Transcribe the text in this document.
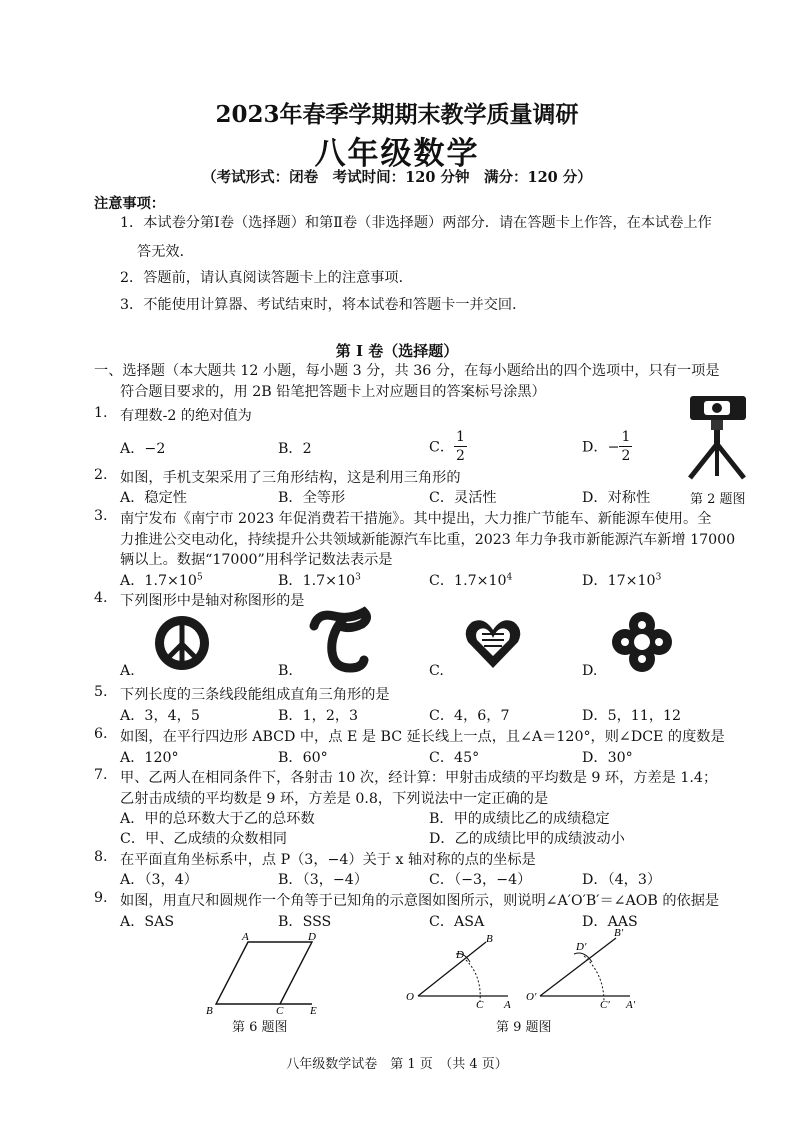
2023年春季学期期末教学质量调研
八年级数学
（考试形式：闭卷　考试时间：120 分钟　满分：120 分）
注意事项：
1．本试卷分第Ⅰ卷（选择题）和第Ⅱ卷（非选择题）两部分．请在答题卡上作答，在本试卷上作
答无效．
2．答题前，请认真阅读答题卡上的注意事项．
3．不能使用计算器、考试结束时，将本试卷和答题卡一并交回．
第 Ⅰ 卷（选择题）
一、选择题（本大题共 12 小题，每小题 3 分，共 36 分，在每小题给出的四个选项中，只有一项是
符合题目要求的，用 2B 铅笔把答题卡上对应题目的答案标号涂黑）
1. 有理数-2 的绝对值为
A．−2	B．2	C． $\frac{1}{2}$	D．− $\frac{1}{2}$
2. 如图，手机支架采用了三角形结构，这是利用三角形的
A．稳定性	B．全等形	C．灵活性	D．对称性	第 2 题图
3. 南宁发布《南宁市 2023 年促消费若干措施》。其中提出，大力推广节能车、新能源车使用。全
力推进公交电动化，持续提升公共领域新能源汽车比重，2023 年力争我市新能源汽车新增 17000
辆以上。数据“17000”用科学记数法表示是
A．$1.7\times 10^5$	B．$1.7\times 10^3$	C．$1.7\times 10^4$	D．$17\times 10^3$
4. 下列图形中是轴对称图形的是
A.	B.	C.	D.
5. 下列长度的三条线段能组成直角三角形的是
A．3，4，5	B．1，2，3	C．4，6，7	D．5，11，12
6. 如图，在平行四边形 ABCD 中，点 E 是 BC 延长线上一点，且∠A＝120°，则∠DCE 的度数是
A．120°	B．60°	C．45°	D．30°
7. 甲、乙两人在相同条件下，各射击 10 次，经计算：甲射击成绩的平均数是 9 环，方差是 1.4；
乙射击成绩的平均数是 9 环，方差是 0.8，下列说法中一定正确的是
A．甲的总环数大于乙的总环数	B．甲的成绩比乙的成绩稳定
C．甲、乙成绩的众数相同	D．乙的成绩比甲的成绩波动小
8. 在平面直角坐标系中，点 P（3，−4）关于 x 轴对称的点的坐标是
A．（3，4）	B．（3，−4）	C．（−3，−4）	D．（4，3）
9. 如图，用直尺和圆规作一个角等于已知角的示意图如图所示，则说明∠A′O′B′＝∠AOB 的依据是
A．SAS	B．SSS	C．ASA	D．AAS
A	D
B	C E
第 6 题图
O
A
B
C
D
O′
A′
B′
C′
D′
第 9 题图
八年级数学试卷　第 1 页　（共 4 页）
